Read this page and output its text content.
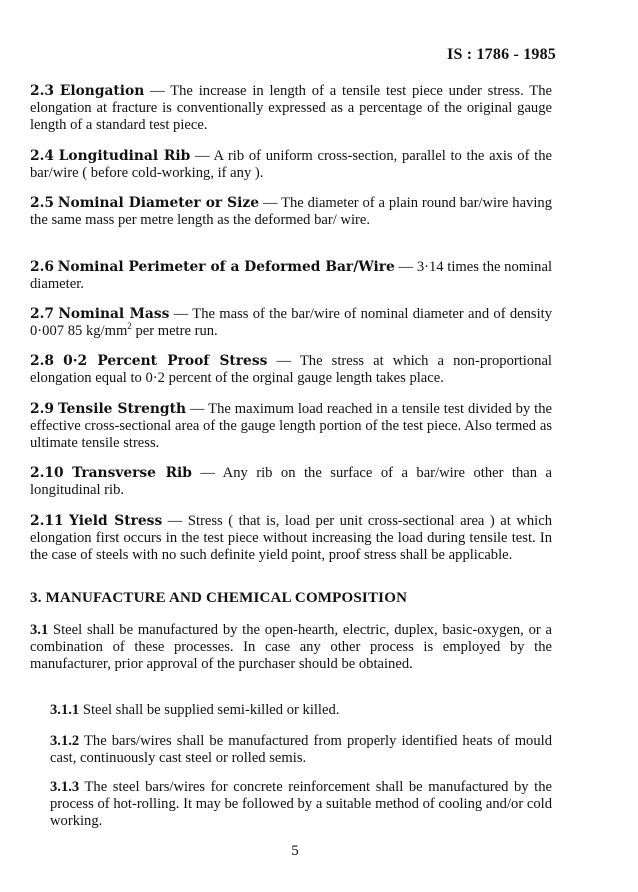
IS : 1786 - 1985
2.3 Elongation — The increase in length of a tensile test piece under stress. The elongation at fracture is conventionally expressed as a percentage of the original gauge length of a standard test piece.
2.4 Longitudinal Rib — A rib of uniform cross-section, parallel to the axis of the bar/wire ( before cold-working, if any ).
2.5 Nominal Diameter or Size — The diameter of a plain round bar/wire having the same mass per metre length as the deformed bar/ wire.
2.6 Nominal Perimeter of a Deformed Bar/Wire — 3·14 times the nominal diameter.
2.7 Nominal Mass — The mass of the bar/wire of nominal diameter and of density 0·007 85 $kg/mm^2$ per metre run.
2.8 0·2 Percent Proof Stress — The stress at which a non-proportional elongation equal to 0·2 percent of the orginal gauge length takes place.
2.9 Tensile Strength — The maximum load reached in a tensile test divided by the effective cross-sectional area of the gauge length portion of the test piece. Also termed as ultimate tensile stress.
2.10 Transverse Rib — Any rib on the surface of a bar/wire other than a longitudinal rib.
2.11 Yield Stress — Stress ( that is, load per unit cross-sectional area ) at which elongation first occurs in the test piece without increasing the load during tensile test. In the case of steels with no such definite yield point, proof stress shall be applicable.
3. MANUFACTURE AND CHEMICAL COMPOSITION
3.1 Steel shall be manufactured by the open-hearth, electric, duplex, basic-oxygen, or a combination of these processes. In case any other process is employed by the manufacturer, prior approval of the purchaser should be obtained.
3.1.1 Steel shall be supplied semi-killed or killed.
3.1.2 The bars/wires shall be manufactured from properly identified heats of mould cast, continuously cast steel or rolled semis.
3.1.3 The steel bars/wires for concrete reinforcement shall be manufactured by the process of hot-rolling. It may be followed by a suitable method of cooling and/or cold working.
5
